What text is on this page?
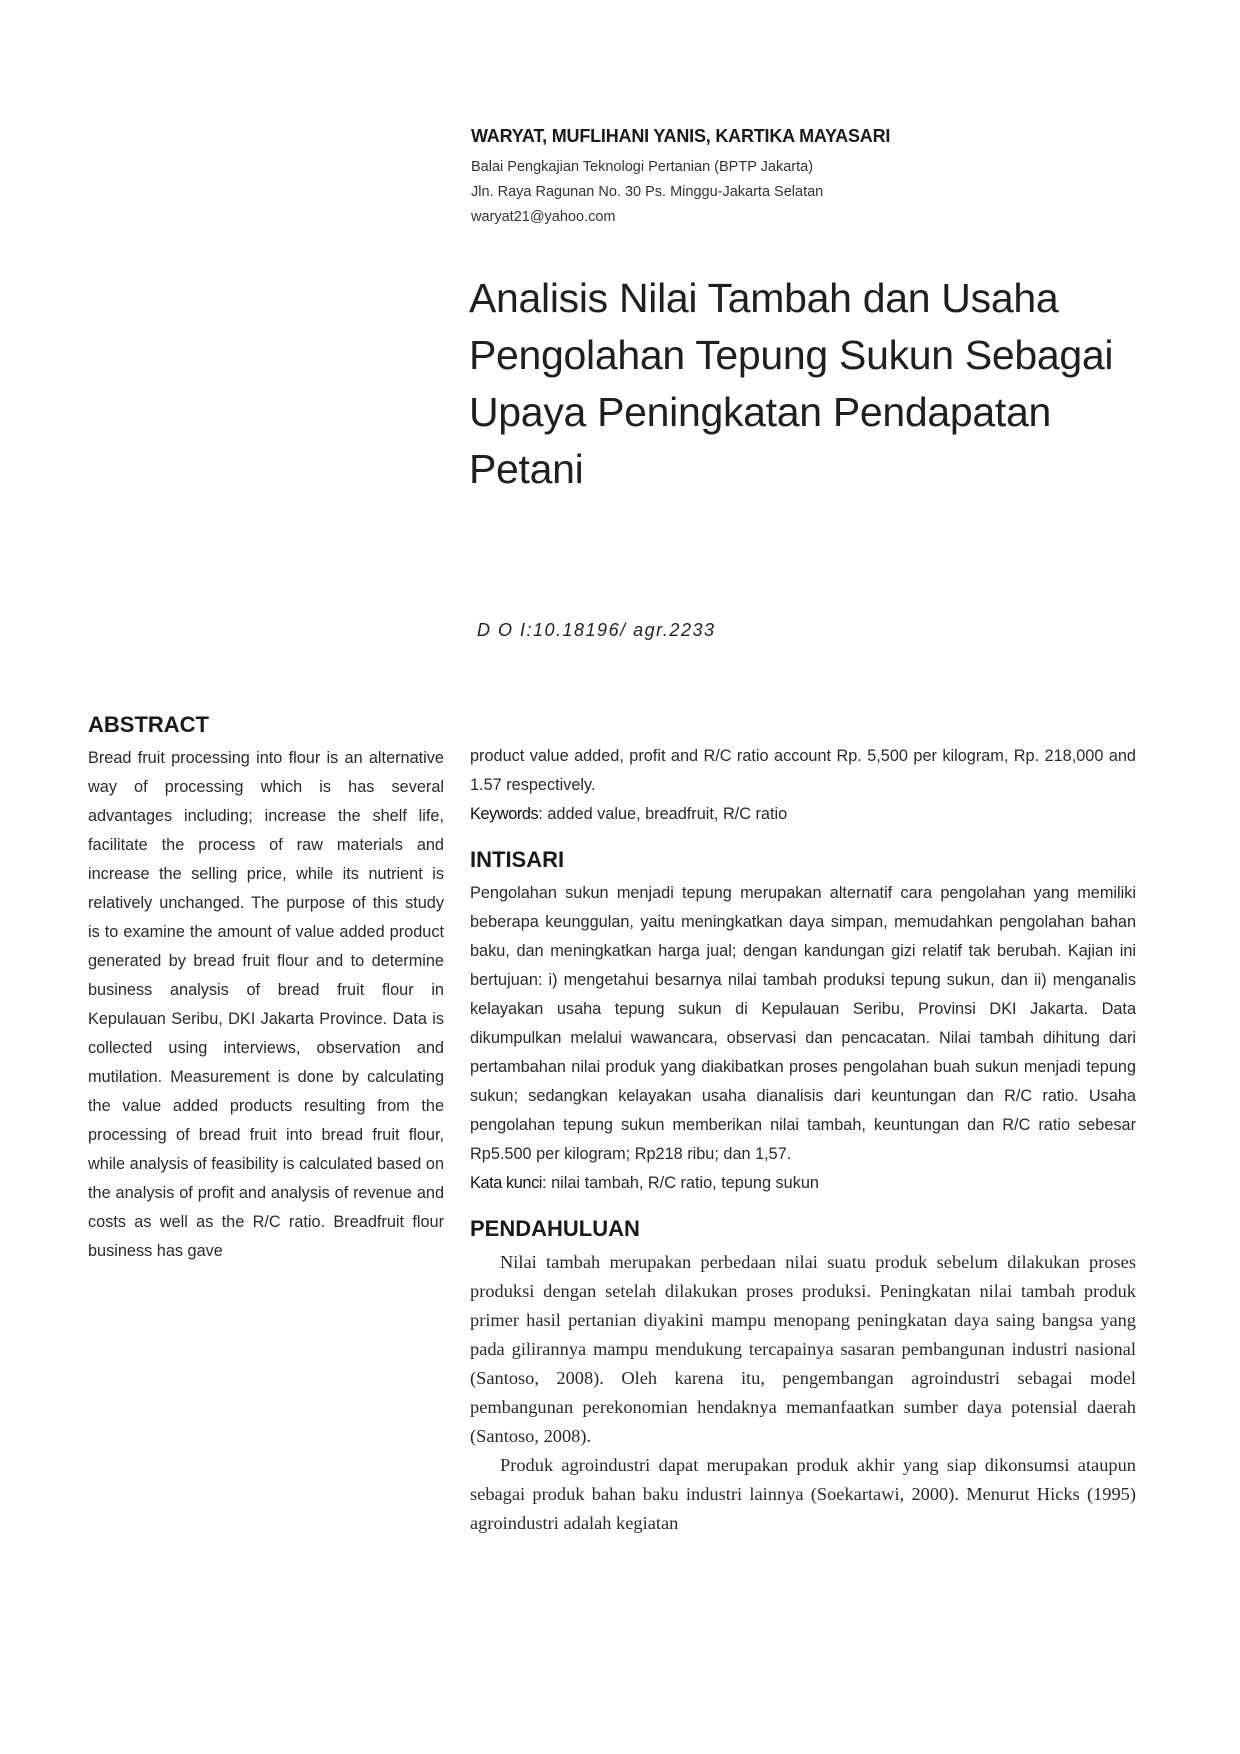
WARYAT, MUFLIHANI YANIS, KARTIKA MAYASARI

Balai Pengkajian Teknologi Pertanian (BPTP Jakarta)

Jln. Raya Ragunan No. 30 Ps. Minggu-Jakarta Selatan

waryat21@yahoo.com

Analisis Nilai Tambah dan Usaha
Pengolahan Tepung Sukun Sebagai
Upaya Peningkatan Pendapatan
Petani
D O I:10.18196/ agr.2233
ABSTRACT

Bread fruit processing into flour is an alternative way of processing which is has several advantages including; increase the shelf life, facilitate the process of raw materials and increase the selling price, while its nutrient is relatively unchanged. The purpose of this study is to examine the amount of value added product generated by bread fruit flour and to determine business analysis of bread fruit flour in Kepulauan Seribu, DKI Jakarta Province. Data is collected using interviews, observation and mutilation. Measurement is done by calculating the value added products resulting from the processing of bread fruit into bread fruit flour, while analysis of feasibility is calculated based on the analysis of profit and analysis of revenue and costs as well as the R/C ratio. Breadfruit flour business has gave

product value added, profit and R/C ratio account Rp. 5,500 per kilogram, Rp. 218,000 and 1.57 respectively.

Keywords: added value, breadfruit, R/C ratio

INTISARI

Pengolahan sukun menjadi tepung merupakan alternatif cara pengolahan yang memiliki beberapa keunggulan, yaitu meningkatkan daya simpan, memudahkan pengolahan bahan baku, dan meningkatkan harga jual; dengan kandungan gizi relatif tak berubah. Kajian ini bertujuan: i) mengetahui besarnya nilai tambah produksi tepung sukun, dan ii) menganalis kelayakan usaha tepung sukun di Kepulauan Seribu, Provinsi DKI Jakarta. Data dikumpulkan melalui wawancara, observasi dan pencacatan. Nilai tambah dihitung dari pertambahan nilai produk yang diakibatkan proses pengolahan buah sukun menjadi tepung sukun; sedangkan kelayakan usaha dianalisis dari keuntungan dan R/C ratio. Usaha pengolahan tepung sukun memberikan nilai tambah, keuntungan dan R/C ratio sebesar Rp5.500 per kilogram; Rp218 ribu; dan 1,57.

Kata kunci: nilai tambah, R/C ratio, tepung sukun

PENDAHULUAN

Nilai tambah merupakan perbedaan nilai suatu produk sebelum dilakukan proses produksi dengan setelah dilakukan proses produksi. Peningkatan nilai tambah produk primer hasil pertanian diyakini mampu menopang peningkatan daya saing bangsa yang pada gilirannya mampu mendukung tercapainya sasaran pembangunan industri nasional (Santoso, 2008). Oleh karena itu, pengembangan agroindustri sebagai model pembangunan perekonomian hendaknya memanfaatkan sumber daya potensial daerah (Santoso, 2008).

Produk agroindustri dapat merupakan produk akhir yang siap dikonsumsi ataupun sebagai produk bahan baku industri lainnya (Soekartawi, 2000). Menurut Hicks (1995) agroindustri adalah kegiatan
